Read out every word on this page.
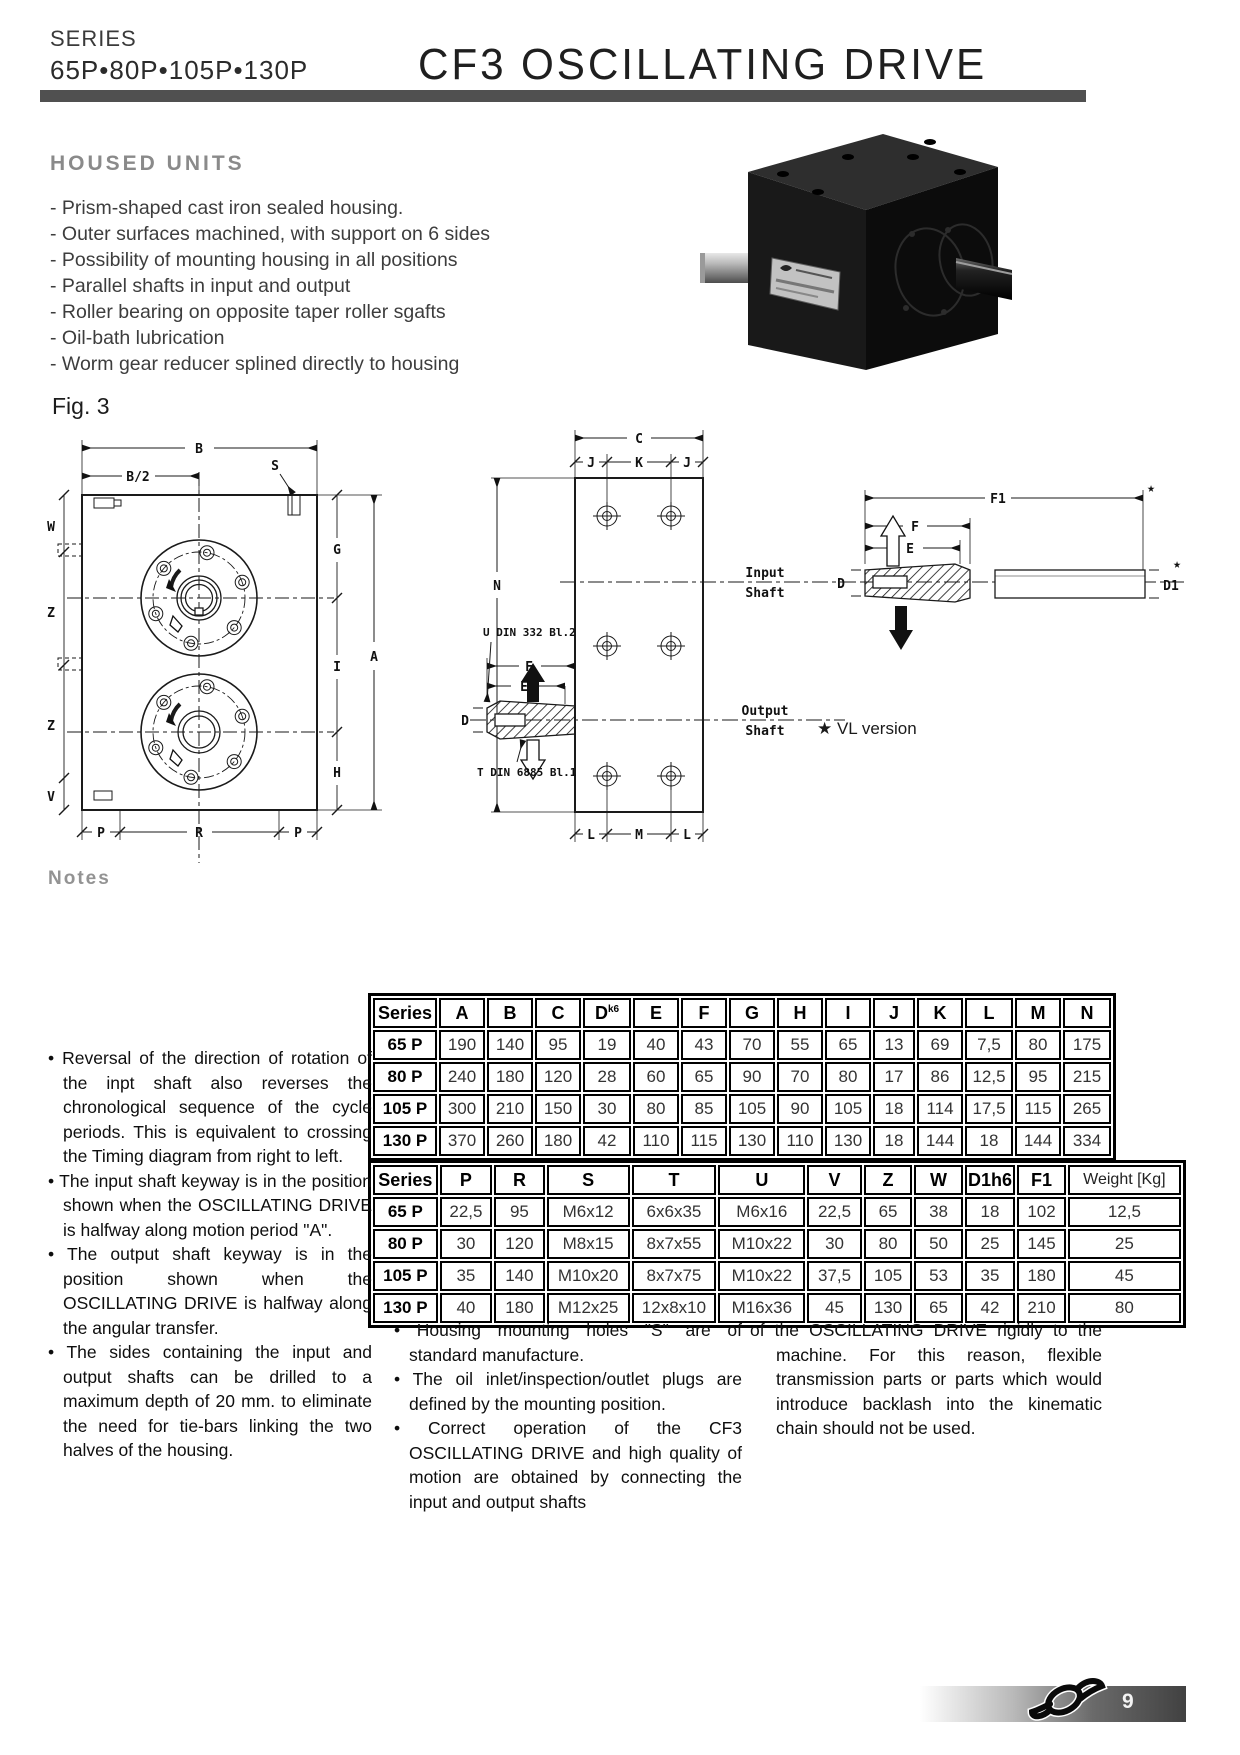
SERIES
65P•80P•105P•130P CF3 OSCILLATING DRIVE
HOUSED UNITS
- Prism-shaped cast iron sealed housing.
- Outer surfaces machined, with support on 6 sides
- Possibility of mounting housing in all positions
- Parallel shafts in input and output
- Roller bearing on opposite taper roller sgafts
- Oil-bath lubrication
- Worm gear reducer splined directly to housing
Fig. 3
B
B/2
S
W
Z
Z
V
G
I
H
A
P	R	P
C
J	K	J
N
L	M	L
Input
Shaft
Output
Shaft
F
E
D
F1
★
F
E
D	D1
★
U DIN 332 Bl.2
T DIN 6885 Bl.1
★ VL version
Notes
Series	A	B	C	$D^{k6}$	E	F	G	H	I	J	K	L	M	N
65 P	190	140	95	19	40	43	70	55	65	13	69	7,5	80	175
80 P	240	180	120	28	60	65	90	70	80	17	86	12,5	95	215
105 P	300	210	150	30	80	85	105	90	105	18	114	17,5	115	265
130 P	370	260	180	42	110	115	130	110	130	18	144	18	144	334
Series	P	R	S	T	U	V	Z	W	D1h6	F1	Weight [Kg]
65 P	22,5	95	M6x12	6x6x35	M6x16	22,5	65	38	18	102	12,5
80 P	30	120	M8x15	8x7x55	M10x22	30	80	50	25	145	25
105 P	35	140	M10x20	8x7x75	M10x22	37,5	105	53	35	180	45
130 P	40	180	M12x25	12x8x10	M16x36	45	130	65	42	210	80
• Reversal of the direction of rotation of the inpt shaft also reverses the chronological sequence of the cycle periods. This is equivalent to crossing the Timing diagram from right to left.
• The input shaft keyway is in the position shown when the OSCILLATING DRIVE is halfway along motion period "A".
• The output shaft keyway is in the position shown when the OSCILLATING DRIVE is halfway along the angular transfer.
• The sides containing the input and output shafts can be drilled to a maximum depth of 20 mm. to eliminate the need for tie-bars linking the two halves of the housing.
• Housing mounting holes "S" are of standard manufacture.
• The oil inlet/inspection/outlet plugs are defined by the mounting position.
• Correct operation of the CF3 OSCILLATING DRIVE and high quality of motion are obtained by connecting the input and output shafts
of the OSCILLATING DRIVE rigidly to the machine. For this reason, flexible transmission parts or parts which would introduce backlash into the kinematic chain should not be used.
9
